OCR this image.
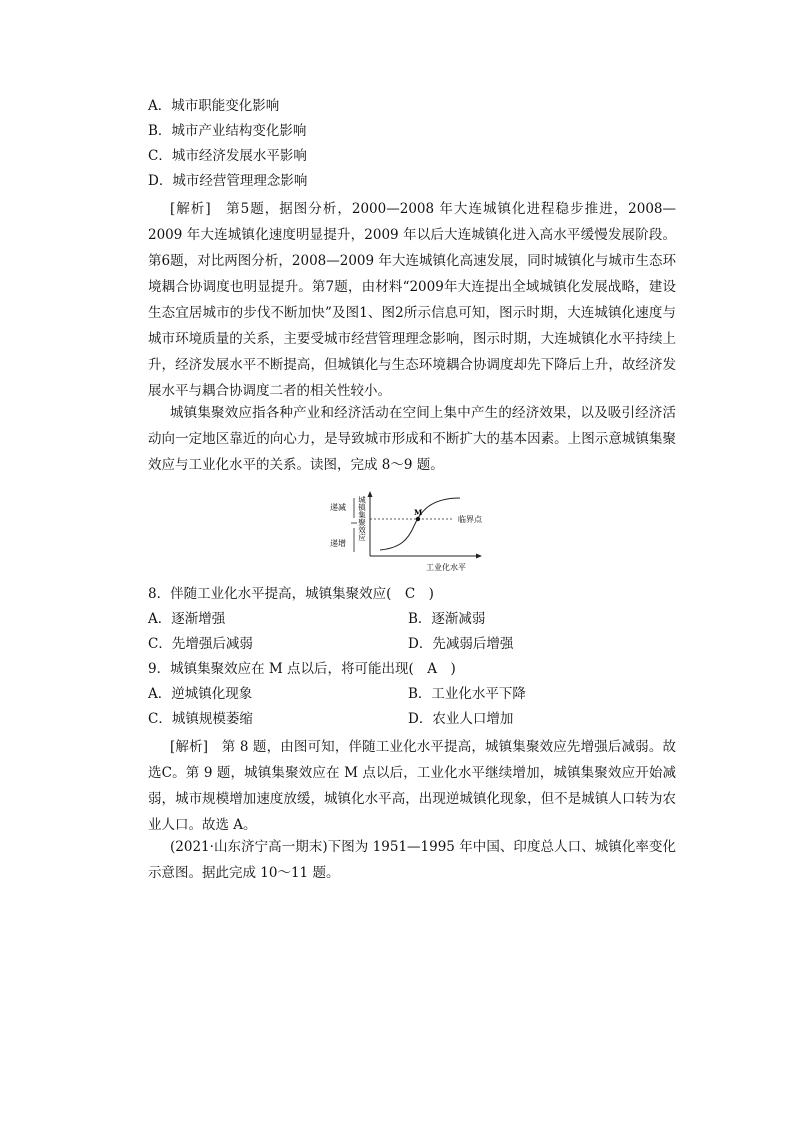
A．城市职能变化影响
B．城市产业结构变化影响
C．城市经济发展水平影响
D．城市经营管理理念影响
[解析]　第5题，据图分析，2000—2008 年大连城镇化进程稳步推进，2008—2009 年大连城镇化速度明显提升，2009 年以后大连城镇化进入高水平缓慢发展阶段。第6题，对比两图分析，2008—2009 年大连城镇化高速发展，同时城镇化与城市生态环境耦合协调度也明显提升。第7题，由材料“2009年大连提出全域城镇化发展战略，建设生态宜居城市的步伐不断加快”及图1、图2所示信息可知，图示时期，大连城镇化速度与城市环境质量的关系，主要受城市经营管理理念影响，图示时期，大连城镇化水平持续上升，经济发展水平不断提高，但城镇化与生态环境耦合协调度却先下降后上升，故经济发展水平与耦合协调度二者的相关性较小。
城镇集聚效应指各种产业和经济活动在空间上集中产生的经济效果，以及吸引经济活动向一定地区靠近的向心力，是导致城市形成和不断扩大的基本因素。上图示意城镇集聚效应与工业化水平的关系。读图，完成 8～9 题。
递减
递增
城镇集聚效应	M
临界点
工业化水平
8．伴随工业化水平提高，城镇集聚效应(　C　)
A．逐渐增强	B．逐渐减弱
C．先增强后减弱	D．先减弱后增强
9．城镇集聚效应在 M 点以后，将可能出现(　A　)
A．逆城镇化现象	B．工业化水平下降
C．城镇规模萎缩	D．农业人口增加
[解析]　第 8 题，由图可知，伴随工业化水平提高，城镇集聚效应先增强后减弱。故选C。第 9 题，城镇集聚效应在 M 点以后，工业化水平继续增加，城镇集聚效应开始减弱，城市规模增加速度放缓，城镇化水平高，出现逆城镇化现象，但不是城镇人口转为农业人口。故选 A。
(2021·山东济宁高一期末)下图为 1951—1995 年中国、印度总人口、城镇化率变化示意图。据此完成 10～11 题。
